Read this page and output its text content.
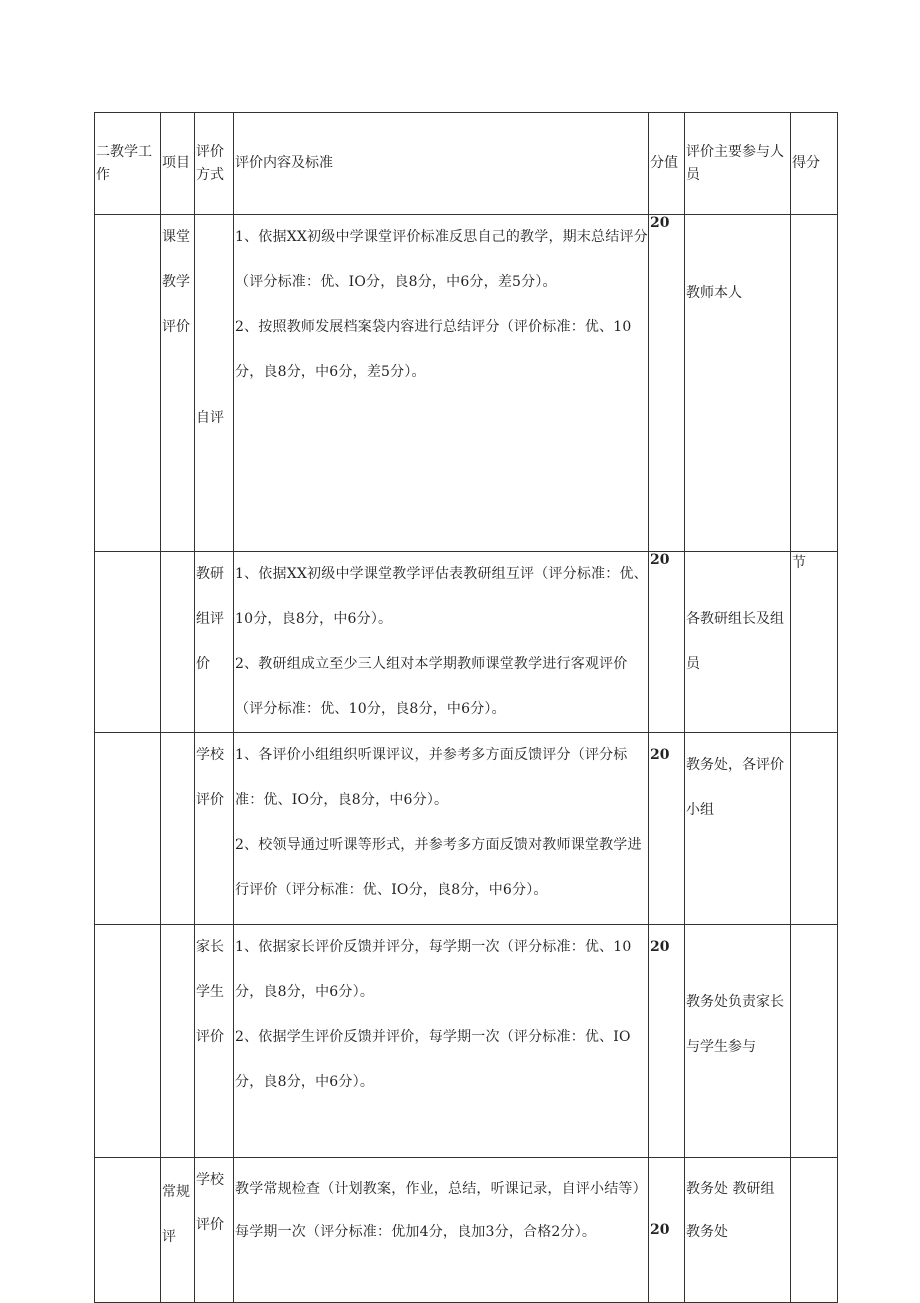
二教学工作	项目	评价方式	评价内容及标准	分值	评价主要参与人员	得分
	课堂教学评价	自评	1、依据XX初级中学课堂评价标准反思自己的教学，期末总结评分（评分标准：优、IO分，良8分，中6分，差5分）。

2、按照教师发展档案袋内容进行总结评分（评价标准：优、10分，良8分，中6分，差5分）。	20	教师本人	
		教研组评价	1、依据XX初级中学课堂教学评估表教研组互评（评分标准：优、10分，良8分，中6分）。

2、教研组成立至少三人组对本学期教师课堂教学进行客观评价（评分标准：优、10分，良8分，中6分）。	20	各教研组长及组员	节
		学校评价	1、各评价小组组织听课评议，并参考多方面反馈评分（评分标准：优、IO分，良8分，中6分）。

2、校领导通过听课等形式，并参考多方面反馈对教师课堂教学进行评价（评分标准：优、IO分，良8分，中6分）。	20	教务处，各评价小组	
		家长学生评价	1、依据家长评价反馈并评分，每学期一次（评分标准：优、10分，良8分，中6分）。

2、依据学生评价反馈并评价，每学期一次（评分标准：优、IO分，良8分，中6分）。	20	教务处负责家长与学生参与	
	常规评	学校评价	教学常规检查（计划教案，作业，总结，听课记录，自评小结等）每学期一次（评分标准：优加4分，良加3分，合格2分）。	20	教务处 教研组 教务处	
